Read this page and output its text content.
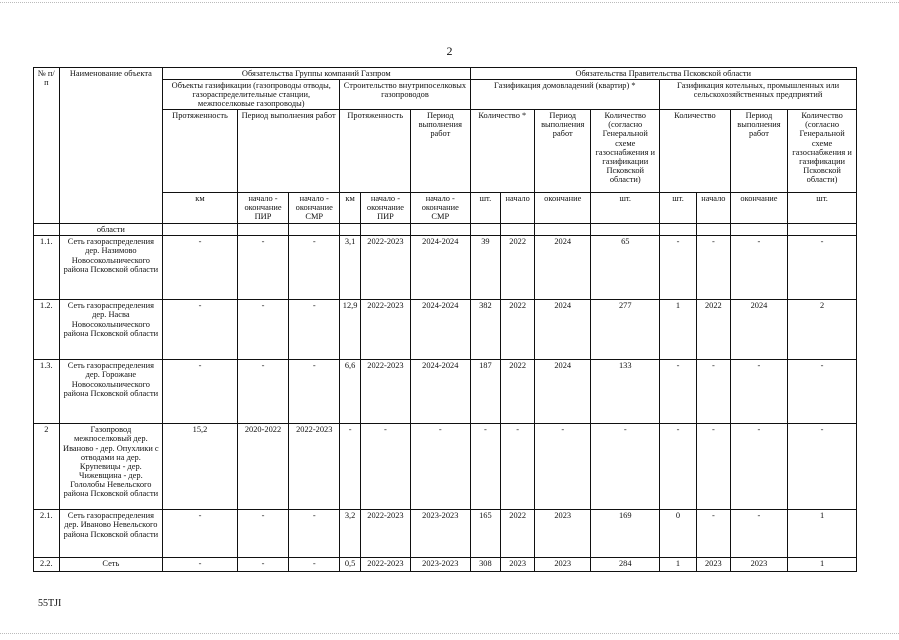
2
№ п/п	Наименование объекта	Обязательства Группы компаний Газпром						Обязательства Правительства Псковской области							
		Объекты газификации (газопроводы отводы, газораспределительные станции, межпоселковые газопроводы)			Строительство внутрипоселковых газопроводов			Газификация домовладений (квартир) *				Газификация котельных, промышленных или сельскохозяйственных предприятий			
		Протяженность	Период выполнения работ		Протяженность		Период выполнения работ	Количество *		Период выполнения работ	Количество (согласно Генеральной схеме газоснабжения и газификации Псковской области)	Количество		Период выполнения работ	Количество (согласно Генеральной схеме газоснабжения и газификации Псковской области)
		км	начало - окончание ПИР	начало - окончание СМР	км	начало - окончание ПИР	начало - окончание СМР	шт.	начало	окончание	шт.	шт.	начало	окончание	шт.
	области														
1.1.	Сеть газораспределения дер. Назимово Новосокольнического района Псковской области	-	-	-	3,1	2022-2023	2024-2024	39	2022	2024	65	-	-	-	-
1.2.	Сеть газораспределения дер. Насва Новосокольнического района Псковской области	-	-	-	12,9	2022-2023	2024-2024	382	2022	2024	277	1	2022	2024	2
1.3.	Сеть газораспределения дер. Горожане Новосокольнического района Псковской области	-	-	-	6,6	2022-2023	2024-2024	187	2022	2024	133	-	-	-	-
2	Газопровод межпоселковый дер. Иваново - дер. Опухлики с отводами на дер. Крупевицы - дер. Чижевщина - дер. Гололобы Невельского района Псковской области	15,2	2020-2022	2022-2023	-	-	-	-	-	-	-	-	-	-	-
2.1.	Сеть газораспределения дер. Иваново Невельского района Псковской области	-	-	-	3,2	2022-2023	2023-2023	165	2022	2023	169	0	-	-	1
2.2.	Сеть	-	-	-	0,5	2022-2023	2023-2023	308	2023	2023	284	1	2023	2023	1
55TJI
